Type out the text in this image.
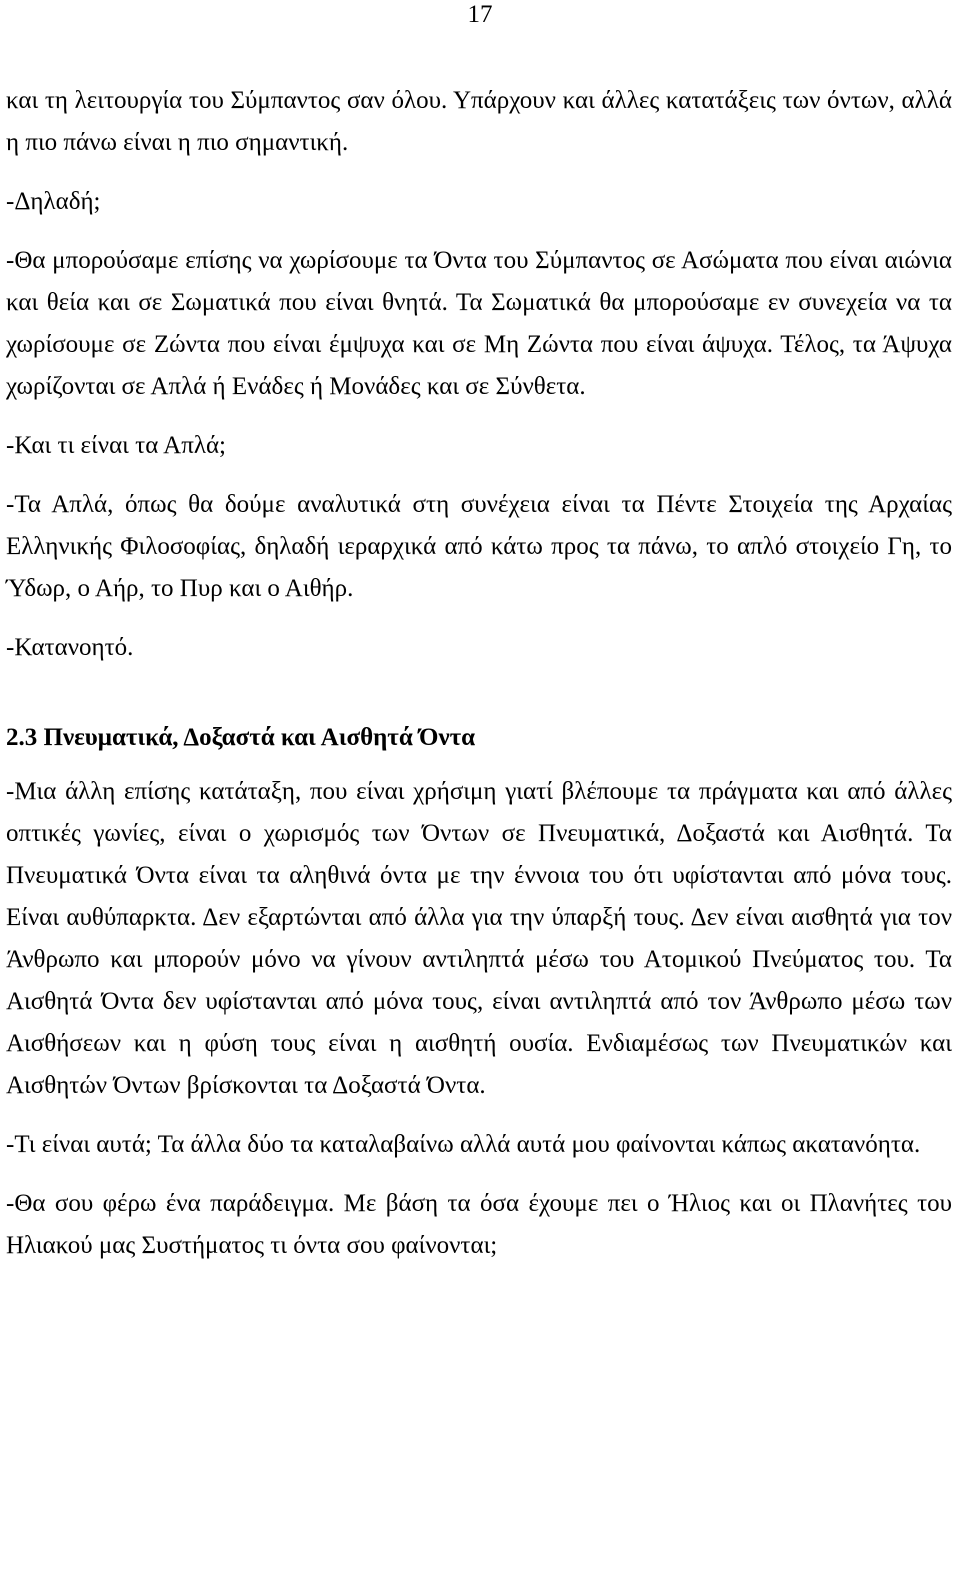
17

και τη λειτουργία του Σύμπαντος σαν όλου. Υπάρχουν και άλλες κατατάξεις των όντων, αλλά η πιο πάνω είναι η πιο σημαντική.

-Δηλαδή;

-Θα μπορούσαμε επίσης να χωρίσουμε τα Όντα του Σύμπαντος σε Ασώματα που είναι αιώνια και θεία και σε Σωματικά που είναι θνητά. Τα Σωματικά θα μπορούσαμε εν συνεχεία να τα χωρίσουμε σε Ζώντα που είναι έμψυχα και σε Μη Ζώντα που είναι άψυχα. Τέλος, τα Άψυχα χωρίζονται σε Απλά ή Ενάδες ή Μονάδες και σε Σύνθετα.

-Και τι είναι τα Απλά;

-Τα Απλά, όπως θα δούμε αναλυτικά στη συνέχεια είναι τα Πέντε Στοιχεία της Αρχαίας Ελληνικής Φιλοσοφίας, δηλαδή ιεραρχικά από κάτω προς τα πάνω, το απλό στοιχείο Γη, το Ύδωρ, ο Αήρ, το Πυρ και ο Αιθήρ.

-Κατανοητό.

2.3 Πνευματικά, Δοξαστά και Αισθητά Όντα

-Μια άλλη επίσης κατάταξη, που είναι χρήσιμη γιατί βλέπουμε τα πράγματα και από άλλες οπτικές γωνίες, είναι ο χωρισμός των Όντων σε Πνευματικά, Δοξαστά και Αισθητά. Τα Πνευματικά Όντα είναι τα αληθινά όντα με την έννοια του ότι υφίστανται από μόνα τους. Είναι αυθύπαρκτα. Δεν εξαρτώνται από άλλα για την ύπαρξή τους. Δεν είναι αισθητά για τον Άνθρωπο και μπορούν μόνο να γίνουν αντιληπτά μέσω του Ατομικού Πνεύματος του. Τα Αισθητά Όντα δεν υφίστανται από μόνα τους, είναι αντιληπτά από τον Άνθρωπο μέσω των Αισθήσεων και η φύση τους είναι η αισθητή ουσία. Ενδιαμέσως των Πνευματικών και Αισθητών Όντων βρίσκονται τα Δοξαστά Όντα.

-Τι είναι αυτά; Τα άλλα δύο τα καταλαβαίνω αλλά αυτά μου φαίνονται κάπως ακατανόητα.

-Θα σου φέρω ένα παράδειγμα. Με βάση τα όσα έχουμε πει ο Ήλιος και οι Πλανήτες του Ηλιακού μας Συστήματος τι όντα σου φαίνονται;
